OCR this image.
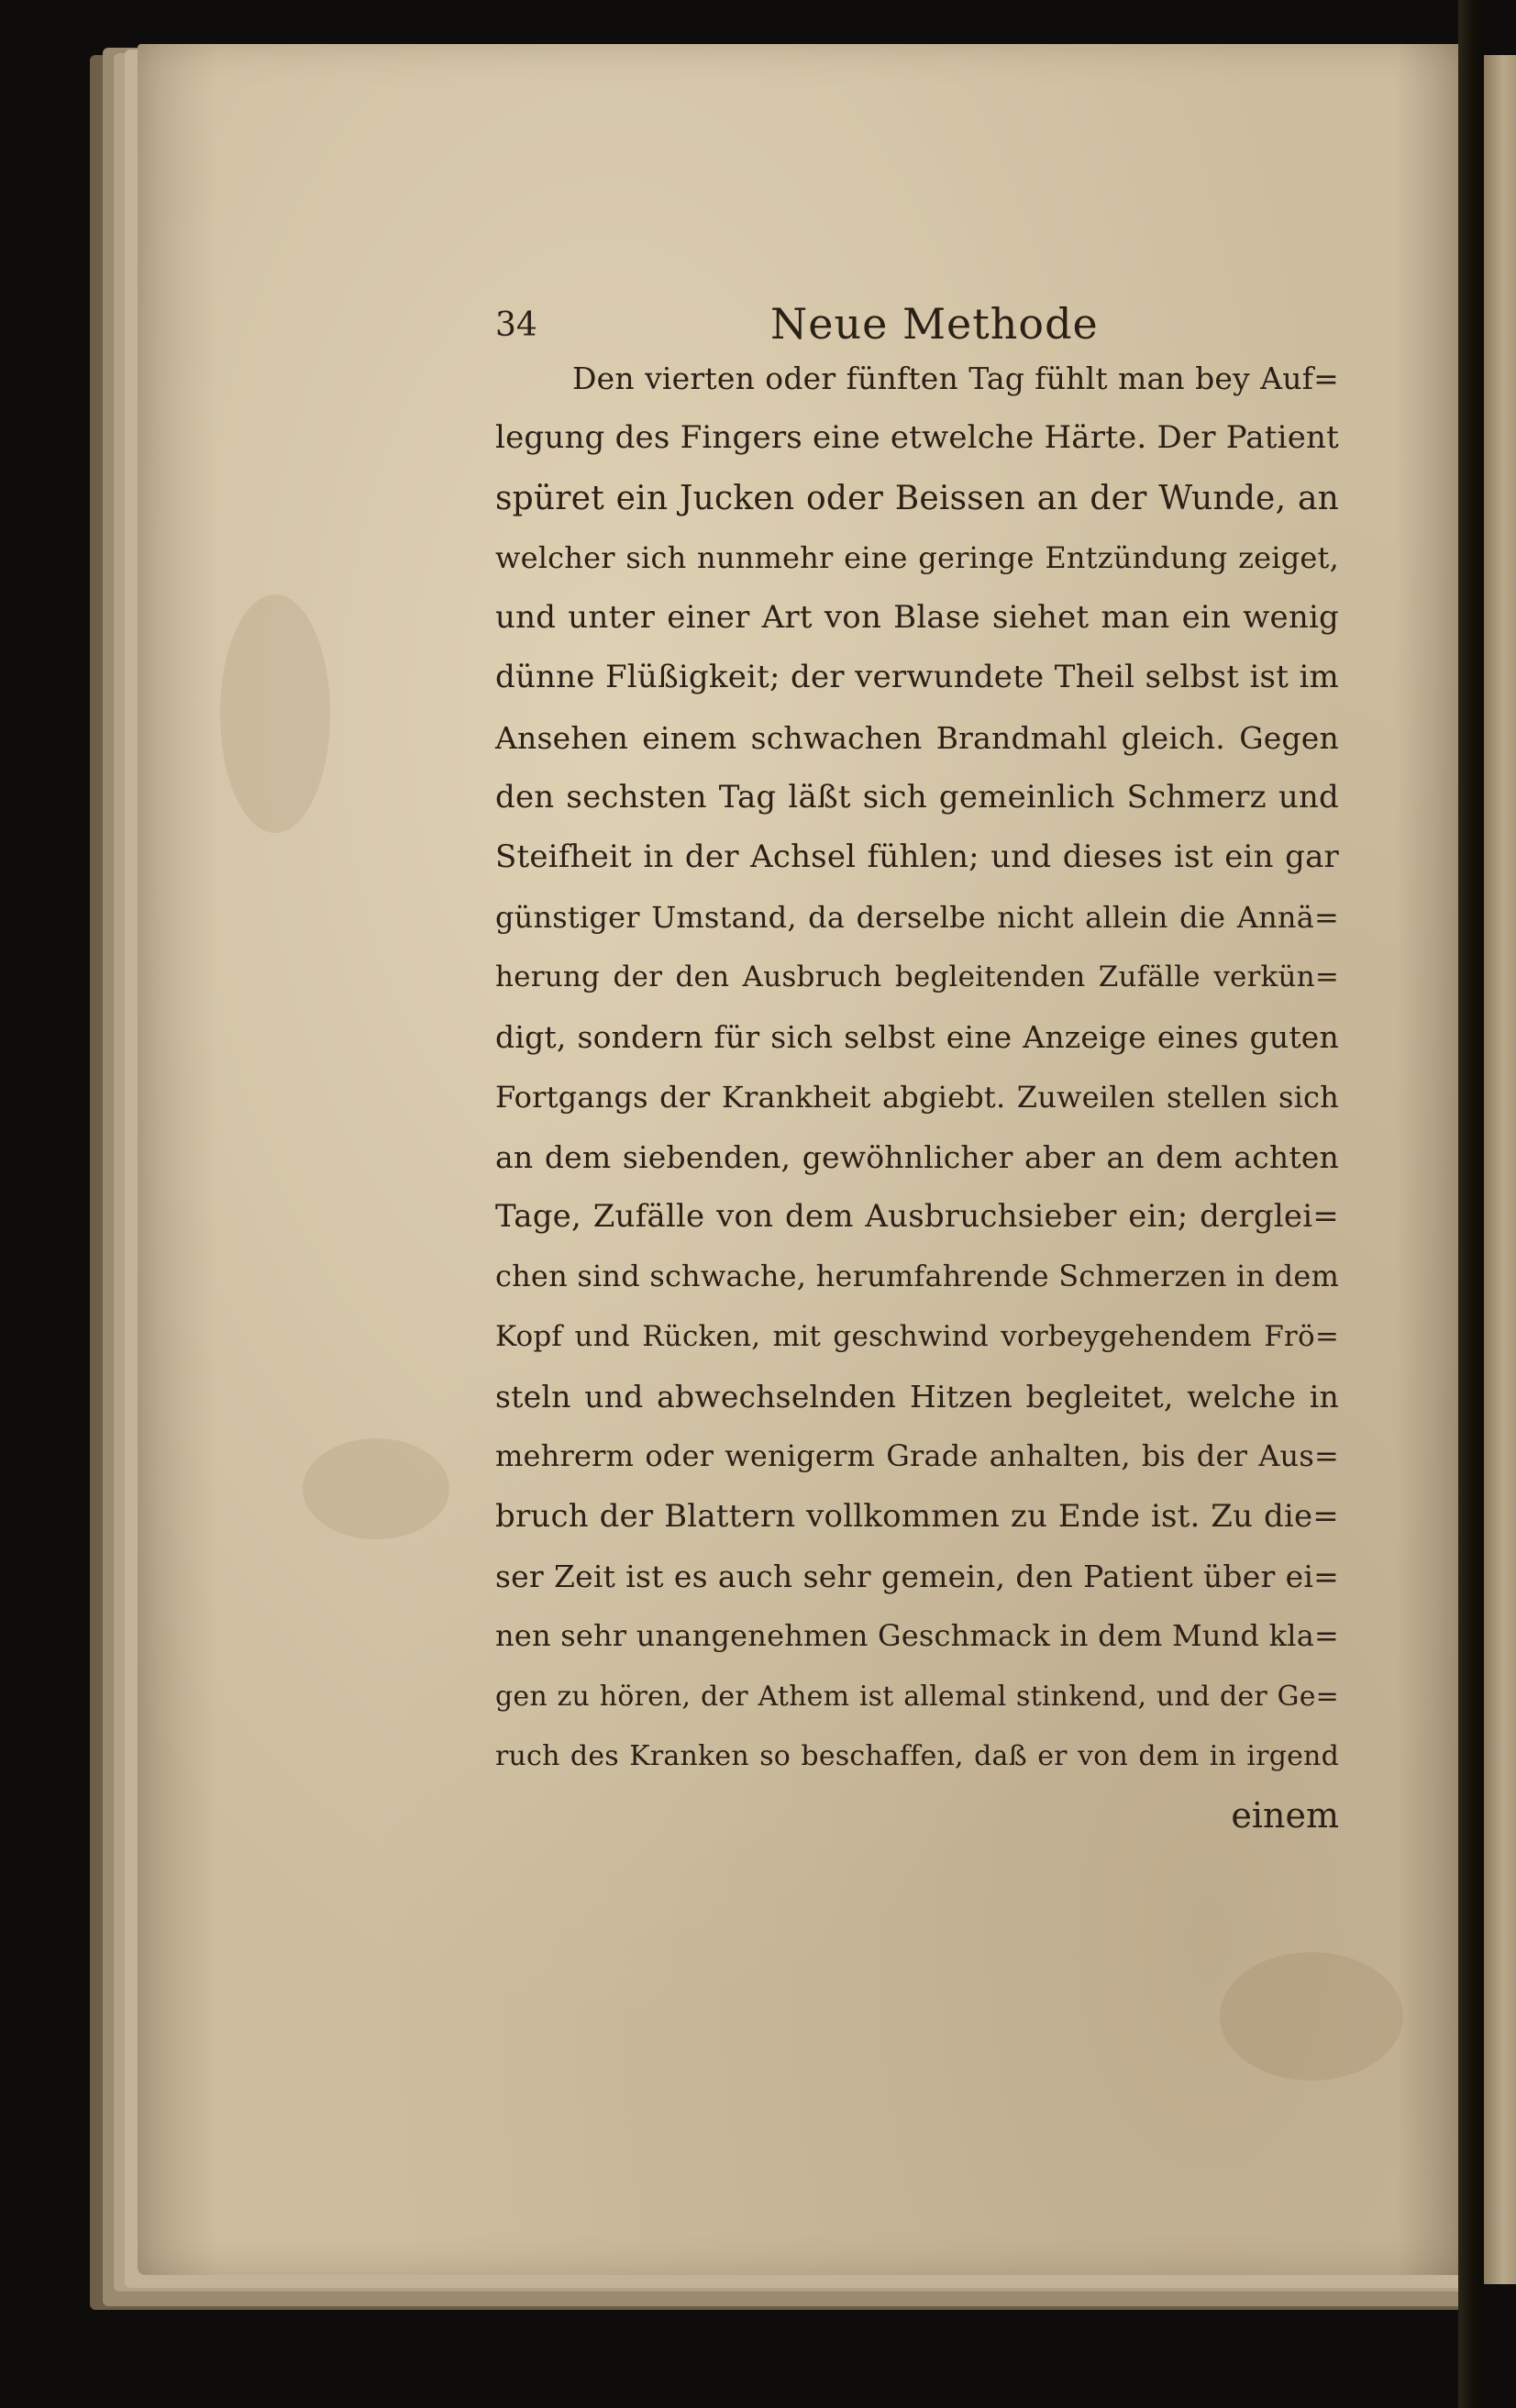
34	Neue Methode
Den vierten oder fünften Tag fühlt man bey Auf=
legung des Fingers eine etwelche Härte. Der Patient
spüret ein Jucken oder Beissen an der Wunde, an
welcher sich nunmehr eine geringe Entzündung zeiget,
und unter einer Art von Blase siehet man ein wenig
dünne Flüßigkeit; der verwundete Theil selbst ist im
Ansehen einem schwachen Brandmahl gleich. Gegen
den sechsten Tag läßt sich gemeinlich Schmerz und
Steifheit in der Achsel fühlen; und dieses ist ein gar
günstiger Umstand, da derselbe nicht allein die Annä=
herung der den Ausbruch begleitenden Zufälle verkün=
digt, sondern für sich selbst eine Anzeige eines guten
Fortgangs der Krankheit abgiebt. Zuweilen stellen sich
an dem siebenden, gewöhnlicher aber an dem achten
Tage, Zufälle von dem Ausbruchsieber ein; derglei=
chen sind schwache, herumfahrende Schmerzen in dem
Kopf und Rücken, mit geschwind vorbeygehendem Frö=
steln und abwechselnden Hitzen begleitet, welche in
mehrerm oder wenigerm Grade anhalten, bis der Aus=
bruch der Blattern vollkommen zu Ende ist. Zu die=
ser Zeit ist es auch sehr gemein, den Patient über ei=
nen sehr unangenehmen Geschmack in dem Mund kla=
gen zu hören, der Athem ist allemal stinkend, und der Ge=
ruch des Kranken so beschaffen, daß er von dem in irgend
einem
